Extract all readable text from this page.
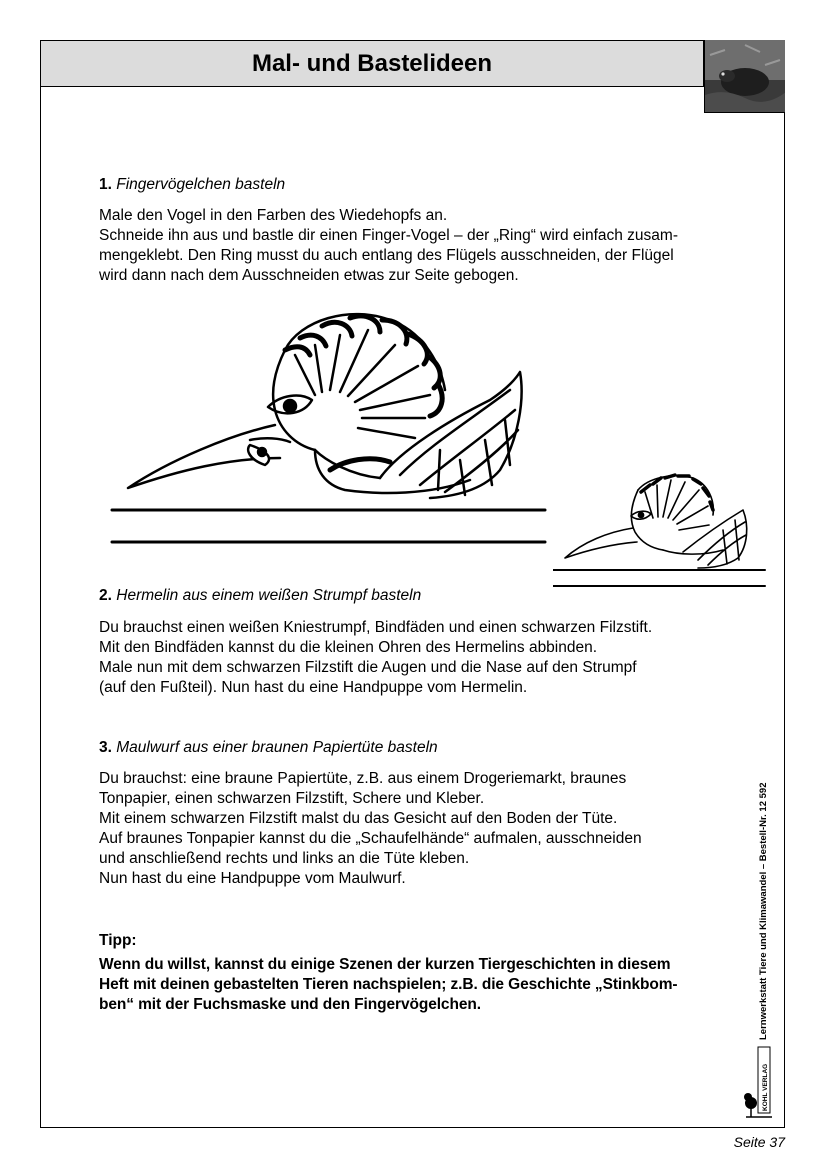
Mal- und Bastelideen
1. Fingervögelchen basteln
Male den Vogel in den Farben des Wiedehopfs an.
Schneide ihn aus und bastle dir einen Finger-Vogel – der „Ring“ wird einfach zusam-
mengeklebt. Den Ring musst du auch entlang des Flügels ausschneiden, der Flügel
wird dann nach dem Ausschneiden etwas zur Seite gebogen.
2. Hermelin aus einem weißen Strumpf basteln
Du brauchst einen weißen Kniestrumpf, Bindfäden und einen schwarzen Filzstift.
Mit den Bindfäden kannst du die kleinen Ohren des Hermelins abbinden.
Male nun mit dem schwarzen Filzstift die Augen und die Nase auf den Strumpf
(auf den Fußteil). Nun hast du eine Handpuppe vom Hermelin.
3. Maulwurf aus einer braunen Papiertüte basteln
Du brauchst: eine braune Papiertüte, z.B. aus einem Drogeriemarkt, braunes
Tonpapier, einen schwarzen Filzstift, Schere und Kleber.
Mit einem schwarzen Filzstift malst du das Gesicht auf den Boden der Tüte.
Auf braunes Tonpapier kannst du die „Schaufelhände“ aufmalen, ausschneiden
und anschließend rechts und links an die Tüte kleben.
Nun hast du eine Handpuppe vom Maulwurf.
Tipp:
Wenn du willst, kannst du einige Szenen der kurzen Tiergeschichten in diesem
Heft mit deinen gebastelten Tieren nachspielen; z.B. die Geschichte „Stinkbom-
ben“ mit der Fuchsmaske und den Fingervögelchen.	Lernwerkstatt Tiere und Klimawandel – Bestell-Nr. 12 592
KOHL VERLAG
Seite 37
